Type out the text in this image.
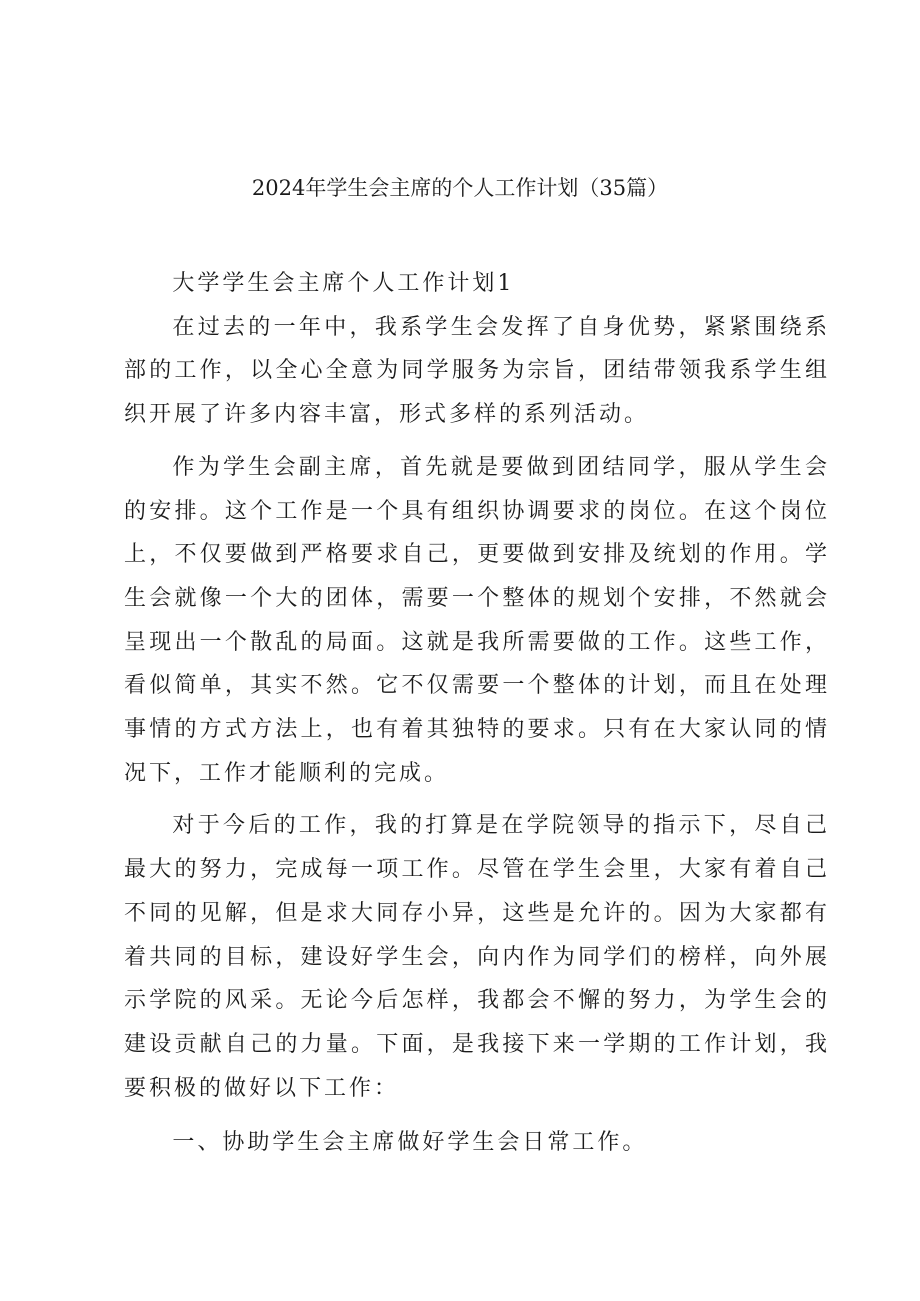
2024年学生会主席的个人工作计划（35篇）

大学学生会主席个人工作计划1

在过去的一年中，我系学生会发挥了自身优势，紧紧围绕系部的工作，以全心全意为同学服务为宗旨，团结带领我系学生组织开展了许多内容丰富，形式多样的系列活动。

作为学生会副主席，首先就是要做到团结同学，服从学生会的安排。这个工作是一个具有组织协调要求的岗位。在这个岗位上，不仅要做到严格要求自己，更要做到安排及统划的作用。学生会就像一个大的团体，需要一个整体的规划个安排，不然就会呈现出一个散乱的局面。这就是我所需要做的工作。这些工作，看似简单，其实不然。它不仅需要一个整体的计划，而且在处理事情的方式方法上，也有着其独特的要求。只有在大家认同的情况下，工作才能顺利的完成。

对于今后的工作，我的打算是在学院领导的指示下，尽自己最大的努力，完成每一项工作。尽管在学生会里，大家有着自己不同的见解，但是求大同存小异，这些是允许的。因为大家都有着共同的目标，建设好学生会，向内作为同学们的榜样，向外展示学院的风采。无论今后怎样，我都会不懈的努力，为学生会的建设贡献自己的力量。下面，是我接下来一学期的工作计划，我要积极的做好以下工作：

一、协助学生会主席做好学生会日常工作。
